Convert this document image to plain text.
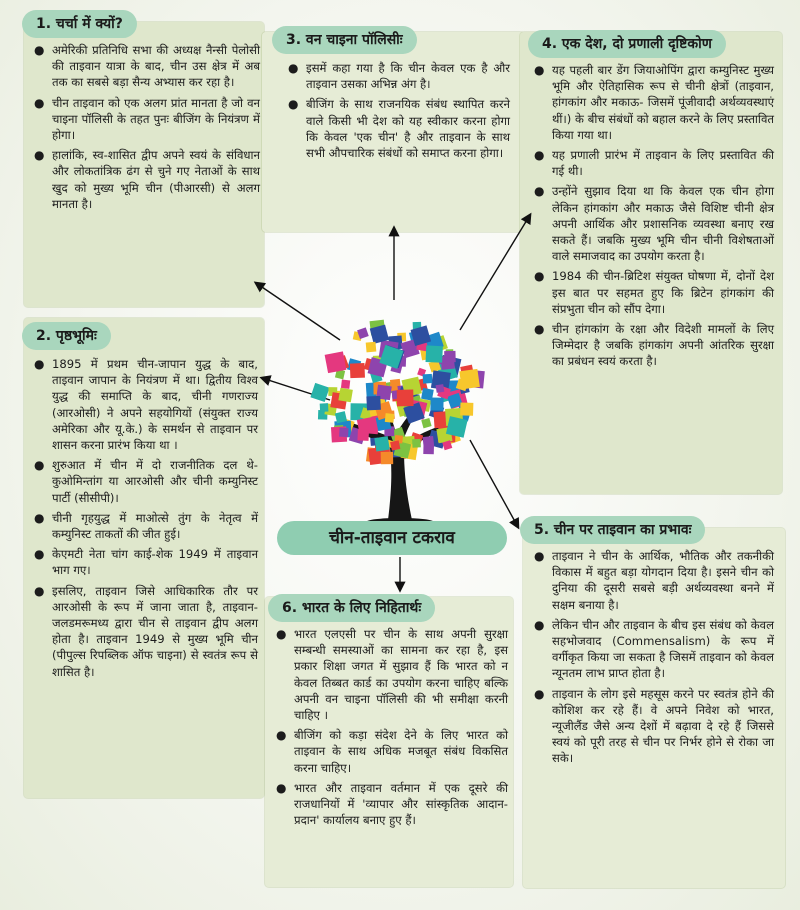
चीन-ताइवान टकराव
1. चर्चा में क्यों?
● अमेरिकी प्रतिनिधि सभा की अध्यक्ष नैन्सी पेलोसी की ताइवान यात्रा के बाद, चीन उस क्षेत्र में अब तक का सबसे बड़ा सैन्य अभ्यास कर रहा है।
● चीन ताइवान को एक अलग प्रांत मानता है जो वन चाइना पॉलिसी के तहत पुनः बीजिंग के नियंत्रण में होगा।
● हालांकि, स्व-शासित द्वीप अपने स्वयं के संविधान और लोकतांत्रिक ढंग से चुने गए नेताओं के साथ खुद को मुख्य भूमि चीन (पीआरसी) से अलग मानता है।
3. वन चाइना पॉलिसीः
● इसमें कहा गया है कि चीन केवल एक है और ताइवान उसका अभिन्न अंग है।
● बीजिंग के साथ राजनयिक संबंध स्थापित करने वाले किसी भी देश को यह स्वीकार करना होगा कि केवल 'एक चीन' है और ताइवान के साथ सभी औपचारिक संबंधों को समाप्त करना होगा।
4. एक देश, दो प्रणाली दृष्टिकोण
● यह पहली बार डेंग जियाओपिंग द्वारा कम्युनिस्ट मुख्य भूमि और ऐतिहासिक रूप से चीनी क्षेत्रों (ताइवान, हांगकांग और मकाऊ- जिसमें पूंजीवादी अर्थव्यवस्थाएं थीं।) के बीच संबंधों को बहाल करने के लिए प्रस्तावित किया गया था।
● यह प्रणाली प्रारंभ में ताइवान के लिए प्रस्तावित की गई थी।
● उन्होंने सुझाव दिया था कि केवल एक चीन होगा लेकिन हांगकांग और मकाऊ जैसे विशिष्ट चीनी क्षेत्र अपनी आर्थिक और प्रशासनिक व्यवस्था बनाए रख सकते हैं। जबकि मुख्य भूमि चीन चीनी विशेषताओं वाले समाजवाद का उपयोग करता है।
● 1984 की चीन-ब्रिटिश संयुक्त घोषणा में, दोनों देश इस बात पर सहमत हुए कि ब्रिटेन हांगकांग की संप्रभुता चीन को सौंप देगा।
● चीन हांगकांग के रक्षा और विदेशी मामलों के लिए जिम्मेदार है जबकि हांगकांग अपनी आंतरिक सुरक्षा का प्रबंधन स्वयं करता है।
2. पृष्ठभूमिः
● 1895 में प्रथम चीन-जापान युद्ध के बाद, ताइवान जापान के नियंत्रण में था। द्वितीय विश्व युद्ध की समाप्ति के बाद, चीनी गणराज्य (आरओसी) ने अपने सहयोगियों (संयुक्त राज्य अमेरिका और यू.के.) के समर्थन से ताइवान पर शासन करना प्रारंभ किया था ।
● शुरुआत में चीन में दो राजनीतिक दल थे- कुओमिन्तांग या आरओसी और चीनी कम्युनिस्ट पार्टी (सीसीपी)।
● चीनी गृहयुद्ध में माओत्से तुंग के नेतृत्व में कम्युनिस्ट ताकतों की जीत हुई।
● केएमटी नेता चांग काई-शेक 1949 में ताइवान भाग गए।
● इसलिए, ताइवान जिसे आधिकारिक तौर पर आरओसी के रूप में जाना जाता है, ताइवान-जलडमरूमध्य द्वारा चीन से ताइवान द्वीप अलग होता है। ताइवान 1949 से मुख्य भूमि चीन (पीपुल्स रिपब्लिक ऑफ चाइना) से स्वतंत्र रूप से शासित है।
5. चीन पर ताइवान का प्रभावः
● ताइवान ने चीन के आर्थिक, भौतिक और तकनीकी विकास में बहुत बड़ा योगदान दिया है। इसने चीन को दुनिया की दूसरी सबसे बड़ी अर्थव्यवस्था बनने में सक्षम बनाया है।
● लेकिन चीन और ताइवान के बीच इस संबंध को केवल सहभोजवाद (Commensalism) के रूप में वर्गीकृत किया जा सकता है जिसमें ताइवान को केवल न्यूनतम लाभ प्राप्त होता है।
● ताइवान के लोग इसे महसूस करने पर स्वतंत्र होने की कोशिश कर रहे हैं। वे अपने निवेश को भारत, न्यूजीलैंड जैसे अन्य देशों में बढ़ावा दे रहे हैं जिससे स्वयं को पूरी तरह से चीन पर निर्भर होने से रोका जा सके।
6. भारत के लिए निहितार्थः
● भारत एलएसी पर चीन के साथ अपनी सुरक्षा सम्बन्धी समस्याओं का सामना कर रहा है, इस प्रकार शिक्षा जगत में सुझाव हैं कि भारत को न केवल तिब्बत कार्ड का उपयोग करना चाहिए बल्कि अपनी वन चाइना पॉलिसी की भी समीक्षा करनी चाहिए ।
● बीजिंग को कड़ा संदेश देने के लिए भारत को ताइवान के साथ अधिक मजबूत संबंध विकसित करना चाहिए।
● भारत और ताइवान वर्तमान में एक दूसरे की राजधानियों में 'व्यापार और सांस्कृतिक आदान-प्रदान' कार्यालय बनाए हुए हैं।
